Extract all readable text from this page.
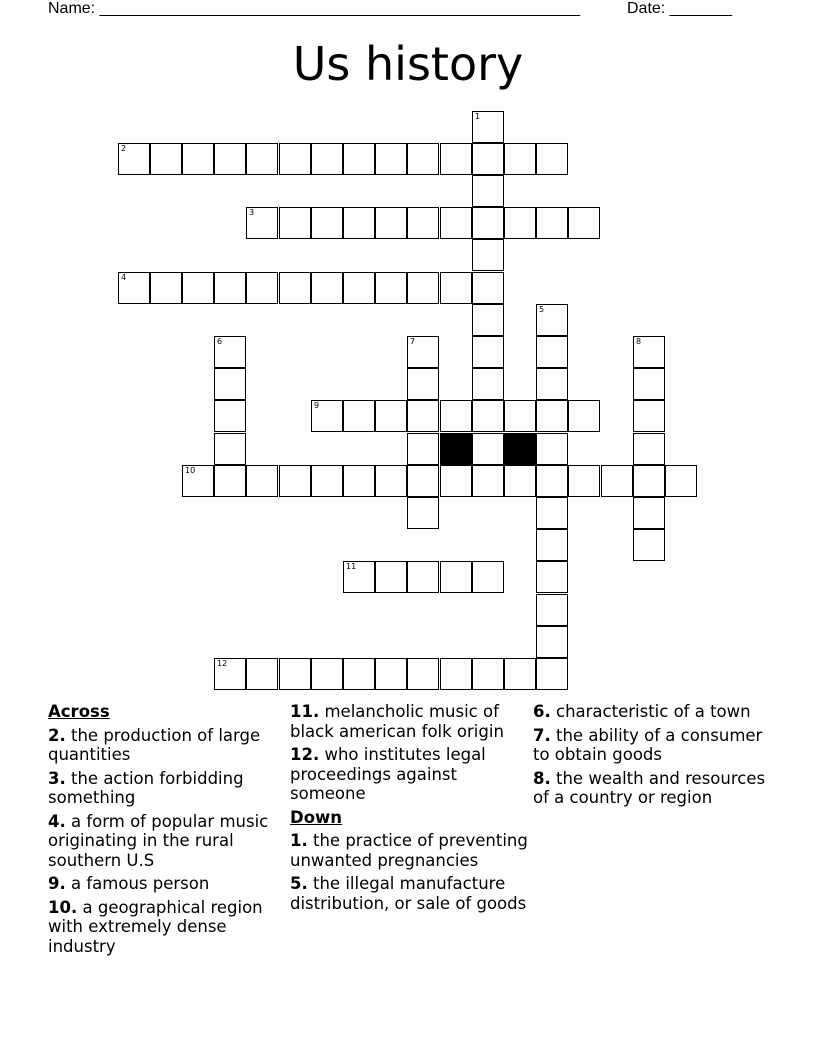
Name: ______________________________________________________	Date: _______
Us history
1
2
3
4
5
6	7	8
9
10
11
12
Across
2. the production of large quantities
3. the action forbidding something
4. a form of popular music originating in the rural southern U.S
9. a famous person
10. a geographical region with extremely dense industry
11. melancholic music of black american folk origin
12. who institutes legal proceedings against someone
Down
1. the practice of preventing unwanted pregnancies
5. the illegal manufacture distribution, or sale of goods
6. characteristic of a town
7. the ability of a consumer to obtain goods
8. the wealth and resources of a country or region
